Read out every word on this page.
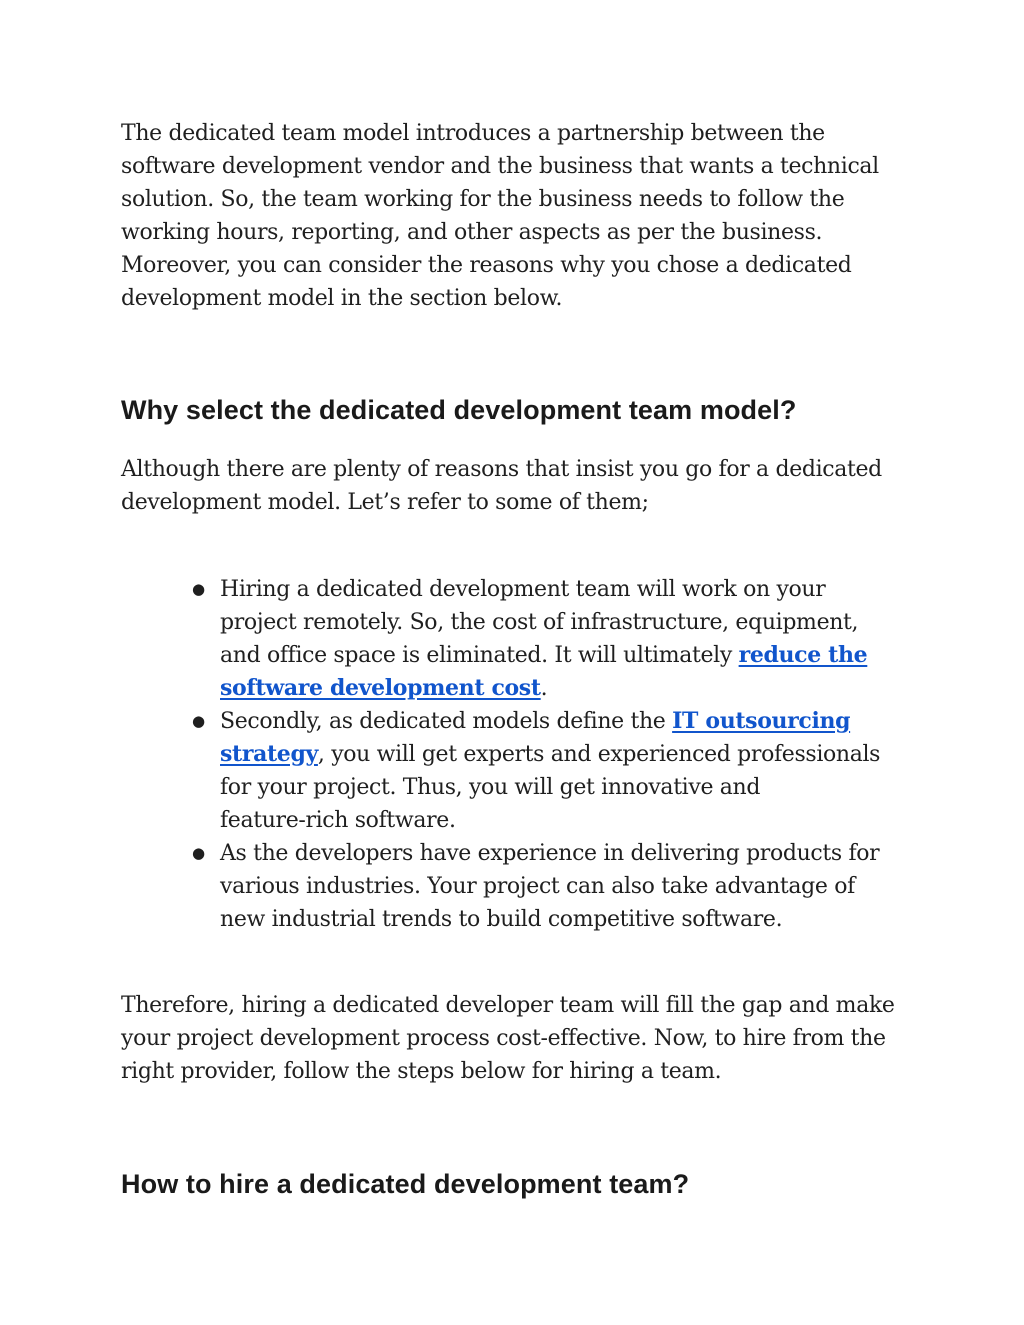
The dedicated team model introduces a partnership between the
software development vendor and the business that wants a technical
solution. So, the team working for the business needs to follow the
working hours, reporting, and other aspects as per the business.
Moreover, you can consider the reasons why you chose a dedicated
development model in the section below.

Why select the dedicated development team model?

Although there are plenty of reasons that insist you go for a dedicated
development model. Let’s refer to some of them;

● Hiring a dedicated development team will work on your
project remotely. So, the cost of infrastructure, equipment,
and office space is eliminated. It will ultimately reduce the
software development cost.
● Secondly, as dedicated models define the IT outsourcing
strategy, you will get experts and experienced professionals
for your project. Thus, you will get innovative and
feature-rich software.
● As the developers have experience in delivering products for
various industries. Your project can also take advantage of
new industrial trends to build competitive software.

Therefore, hiring a dedicated developer team will fill the gap and make
your project development process cost-effective. Now, to hire from the
right provider, follow the steps below for hiring a team.

How to hire a dedicated development team?
